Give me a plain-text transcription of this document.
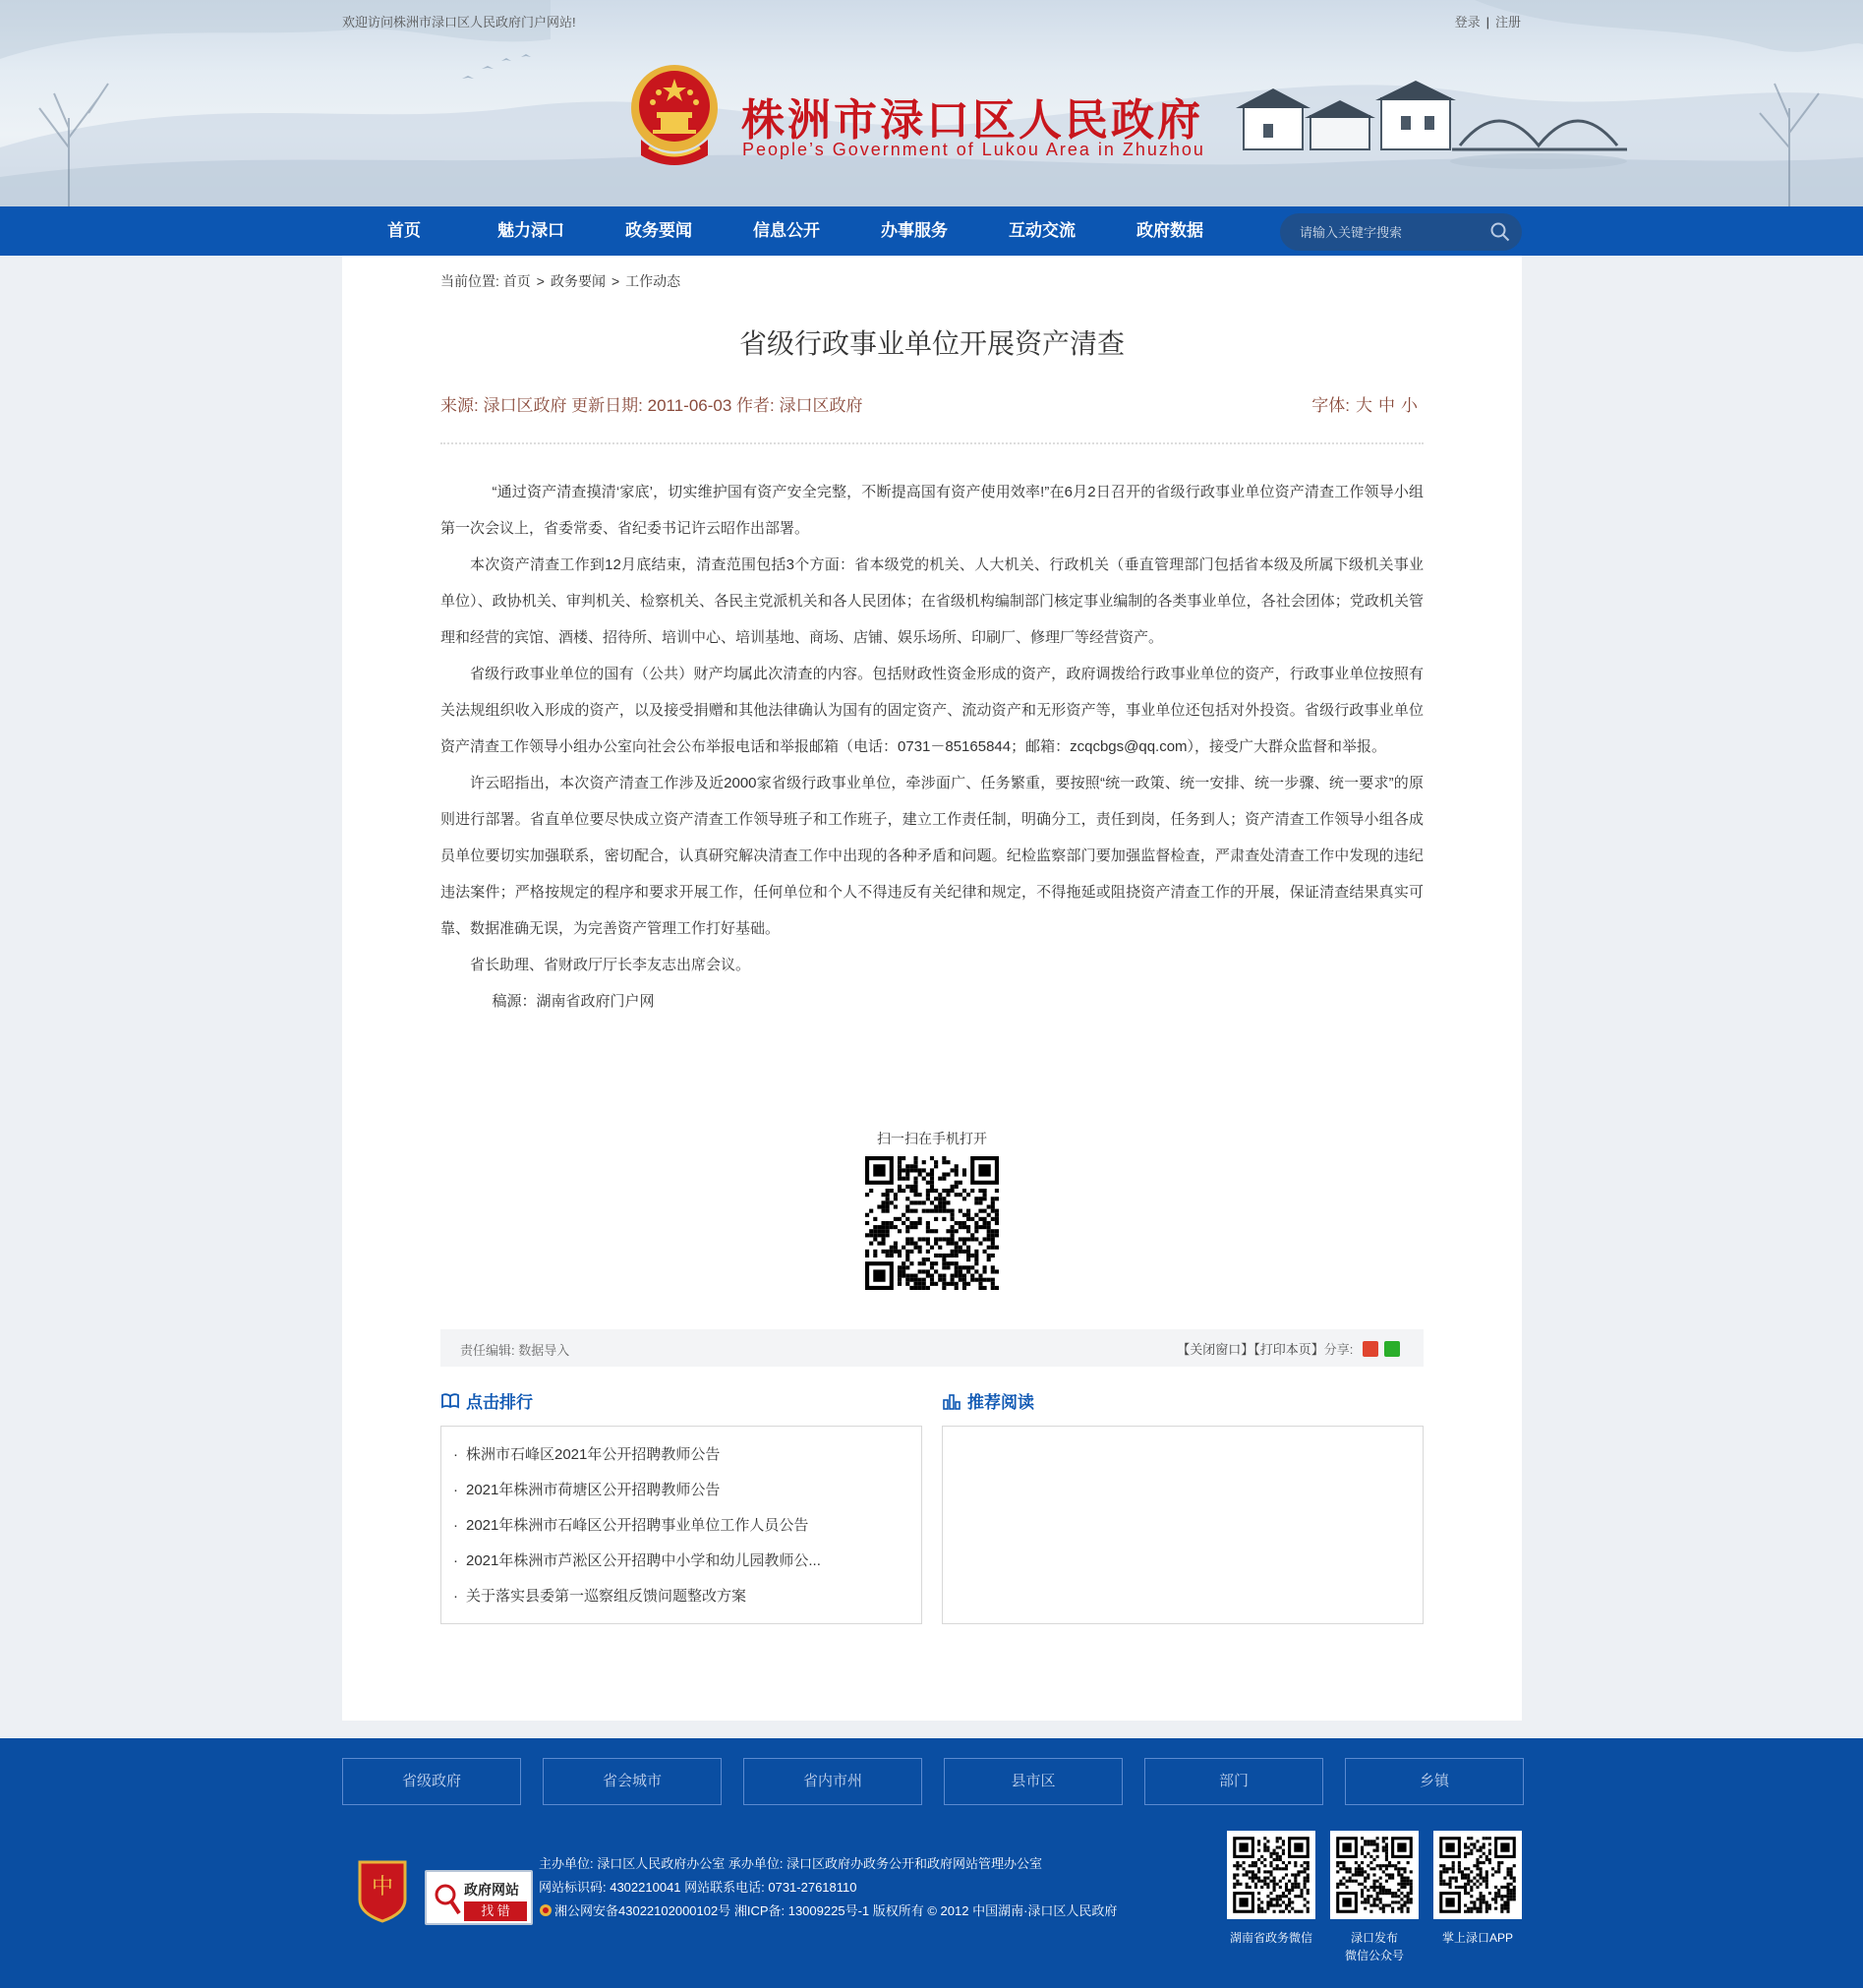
欢迎访问株洲市渌口区人民政府门户网站!	登录 | 注册
株洲市渌口区人民政府
People’s Government of Lukou Area in Zhuzhou
首页	魅力渌口	政务要闻	信息公开	办事服务	互动交流	政府数据
请输入关键字搜索
当前位置: 首页 > 政务要闻 > 工作动态
省级行政事业单位开展资产清查
来源: 渌口区政府 更新日期: 2011-06-03 作者: 渌口区政府	字体: 大 中 小

“通过资产清查摸清‘家底’，切实维护国有资产安全完整，不断提高国有资产使用效率!”在6月2日召开的省级行政事业单位资产清查工作领导小组第一次会议上，省委常委、省纪委书记许云昭作出部署。

本次资产清查工作到12月底结束，清查范围包括3个方面：省本级党的机关、人大机关、行政机关（垂直管理部门包括省本级及所属下级机关事业单位）、政协机关、审判机关、检察机关、各民主党派机关和各人民团体；在省级机构编制部门核定事业编制的各类事业单位，各社会团体；党政机关管理和经营的宾馆、酒楼、招待所、培训中心、培训基地、商场、店铺、娱乐场所、印刷厂、修理厂等经营资产。

省级行政事业单位的国有（公共）财产均属此次清查的内容。包括财政性资金形成的资产，政府调拨给行政事业单位的资产，行政事业单位按照有关法规组织收入形成的资产，以及接受捐赠和其他法律确认为国有的固定资产、流动资产和无形资产等，事业单位还包括对外投资。省级行政事业单位资产清查工作领导小组办公室向社会公布举报电话和举报邮箱（电话：0731－85165844；邮箱：zcqcbgs@qq.com），接受广大群众监督和举报。

许云昭指出，本次资产清查工作涉及近2000家省级行政事业单位，牵涉面广、任务繁重，要按照“统一政策、统一安排、统一步骤、统一要求”的原则进行部署。省直单位要尽快成立资产清查工作领导班子和工作班子，建立工作责任制，明确分工，责任到岗，任务到人；资产清查工作领导小组各成员单位要切实加强联系，密切配合，认真研究解决清查工作中出现的各种矛盾和问题。纪检监察部门要加强监督检查，严肃查处清查工作中发现的违纪违法案件；严格按规定的程序和要求开展工作，任何单位和个人不得违反有关纪律和规定，不得拖延或阻挠资产清查工作的开展，保证清查结果真实可靠、数据准确无误，为完善资产管理工作打好基础。

省长助理、省财政厅厅长李友志出席会议。

稿源：湖南省政府门户网

扫一扫在手机打开
责任编辑: 数据导入	【关闭窗口】【打印本页】分享:
点击排行
· 株洲市石峰区2021年公开招聘教师公告
· 2021年株洲市荷塘区公开招聘教师公告
· 2021年株洲市石峰区公开招聘事业单位工作人员公告
· 2021年株洲市芦淞区公开招聘中小学和幼儿园教师公...
· 关于落实县委第一巡察组反馈问题整改方案
推荐阅读
省级政府	省会城市	省内市州	县市区	部门	乡镇
中	政府网站
找 错
主办单位: 渌口区人民政府办公室 承办单位: 渌口区政府办政务公开和政府网站管理办公室
网站标识码: 4302210041 网站联系电话: 0731-27618110
湘公网安备43022102000102号 湘ICP备: 13009225号-1 版权所有 © 2012 中国湖南·渌口区人民政府
湖南省政务微信	渌口发布
微信公众号
掌上渌口APP
